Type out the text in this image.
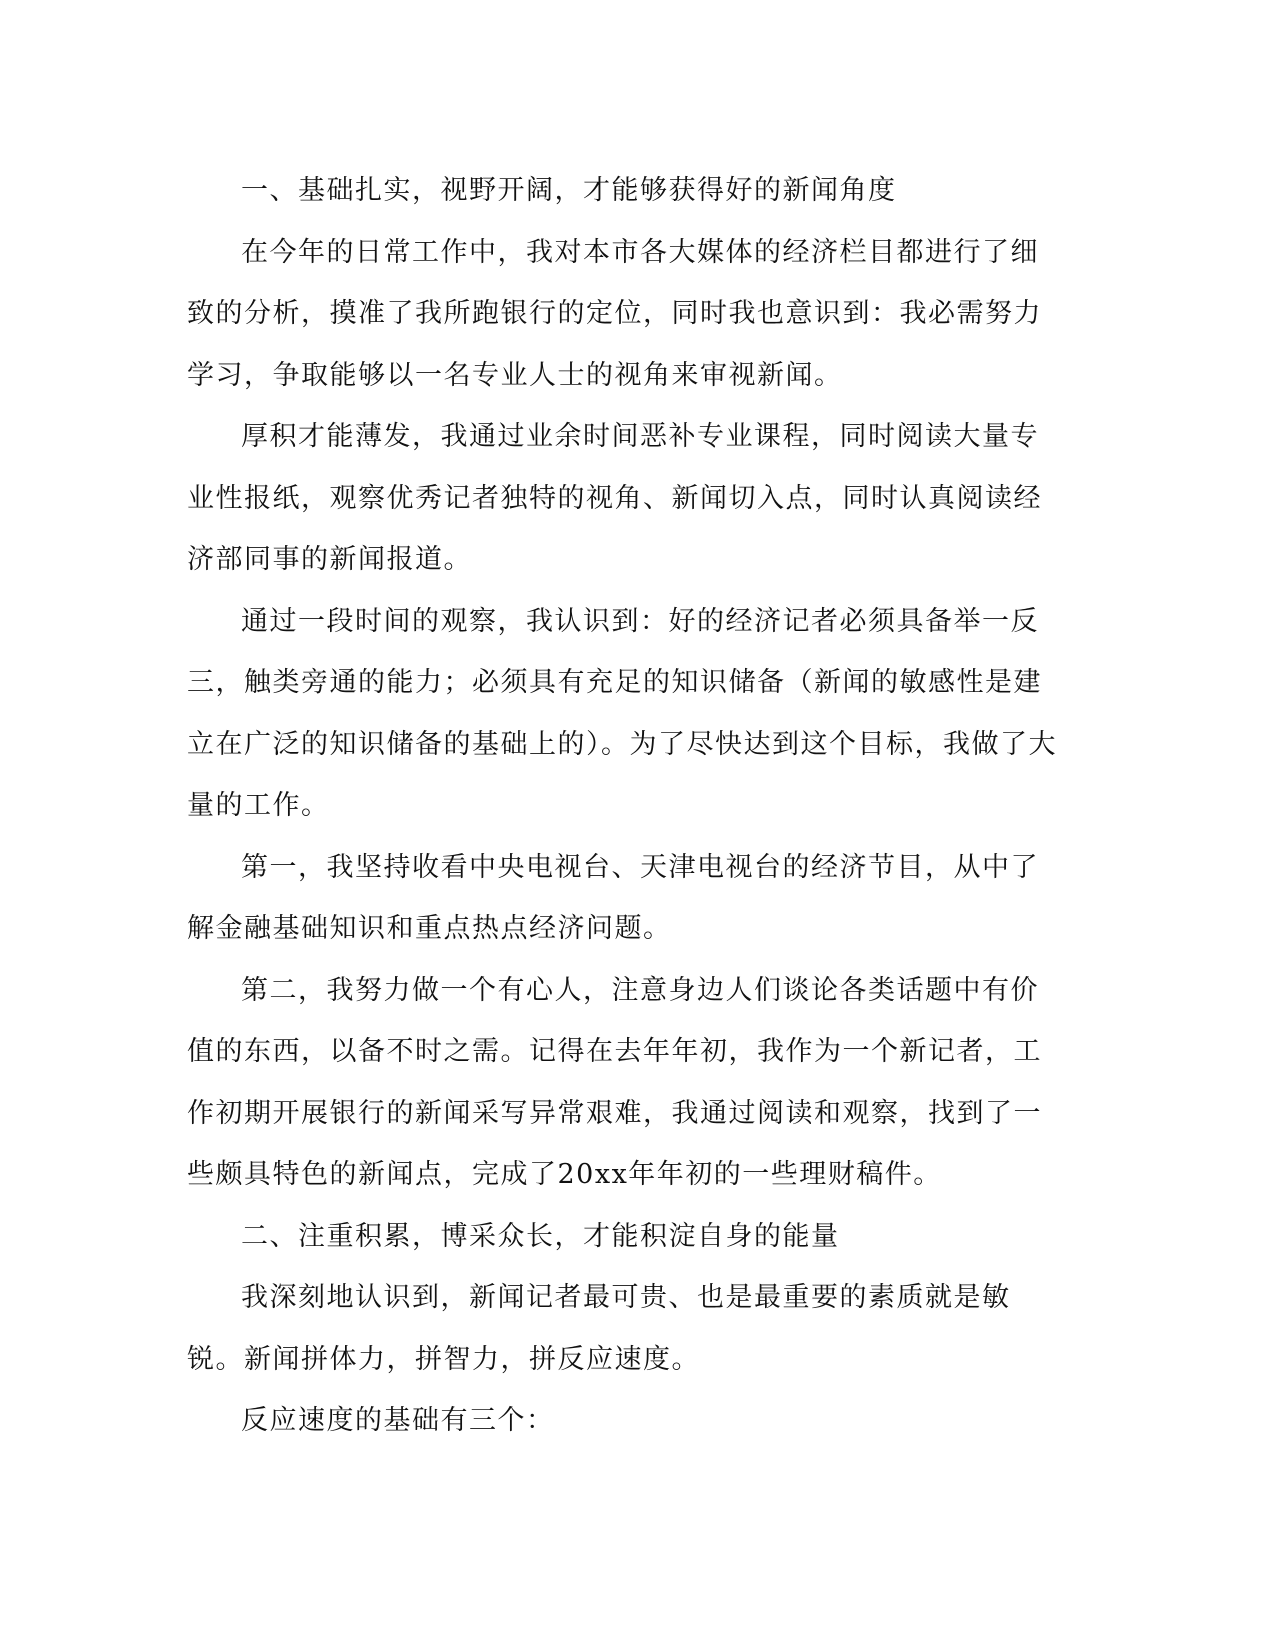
一、基础扎实，视野开阔，才能够获得好的新闻角度

在今年的日常工作中，我对本市各大媒体的经济栏目都进行了细致的分析，摸准了我所跑银行的定位，同时我也意识到：我必需努力学习，争取能够以一名专业人士的视角来审视新闻。

厚积才能薄发，我通过业余时间恶补专业课程，同时阅读大量专业性报纸，观察优秀记者独特的视角、新闻切入点，同时认真阅读经济部同事的新闻报道。

通过一段时间的观察，我认识到：好的经济记者必须具备举一反三，触类旁通的能力；必须具有充足的知识储备（新闻的敏感性是建立在广泛的知识储备的基础上的）。为了尽快达到这个目标，我做了大量的工作。

第一，我坚持收看中央电视台、天津电视台的经济节目，从中了解金融基础知识和重点热点经济问题。

第二，我努力做一个有心人，注意身边人们谈论各类话题中有价值的东西，以备不时之需。记得在去年年初，我作为一个新记者，工作初期开展银行的新闻采写异常艰难，我通过阅读和观察，找到了一些颇具特色的新闻点，完成了20xx年年初的一些理财稿件。

二、注重积累，博采众长，才能积淀自身的能量

我深刻地认识到，新闻记者最可贵、也是最重要的素质就是敏锐。新闻拼体力，拼智力，拼反应速度。

反应速度的基础有三个：
